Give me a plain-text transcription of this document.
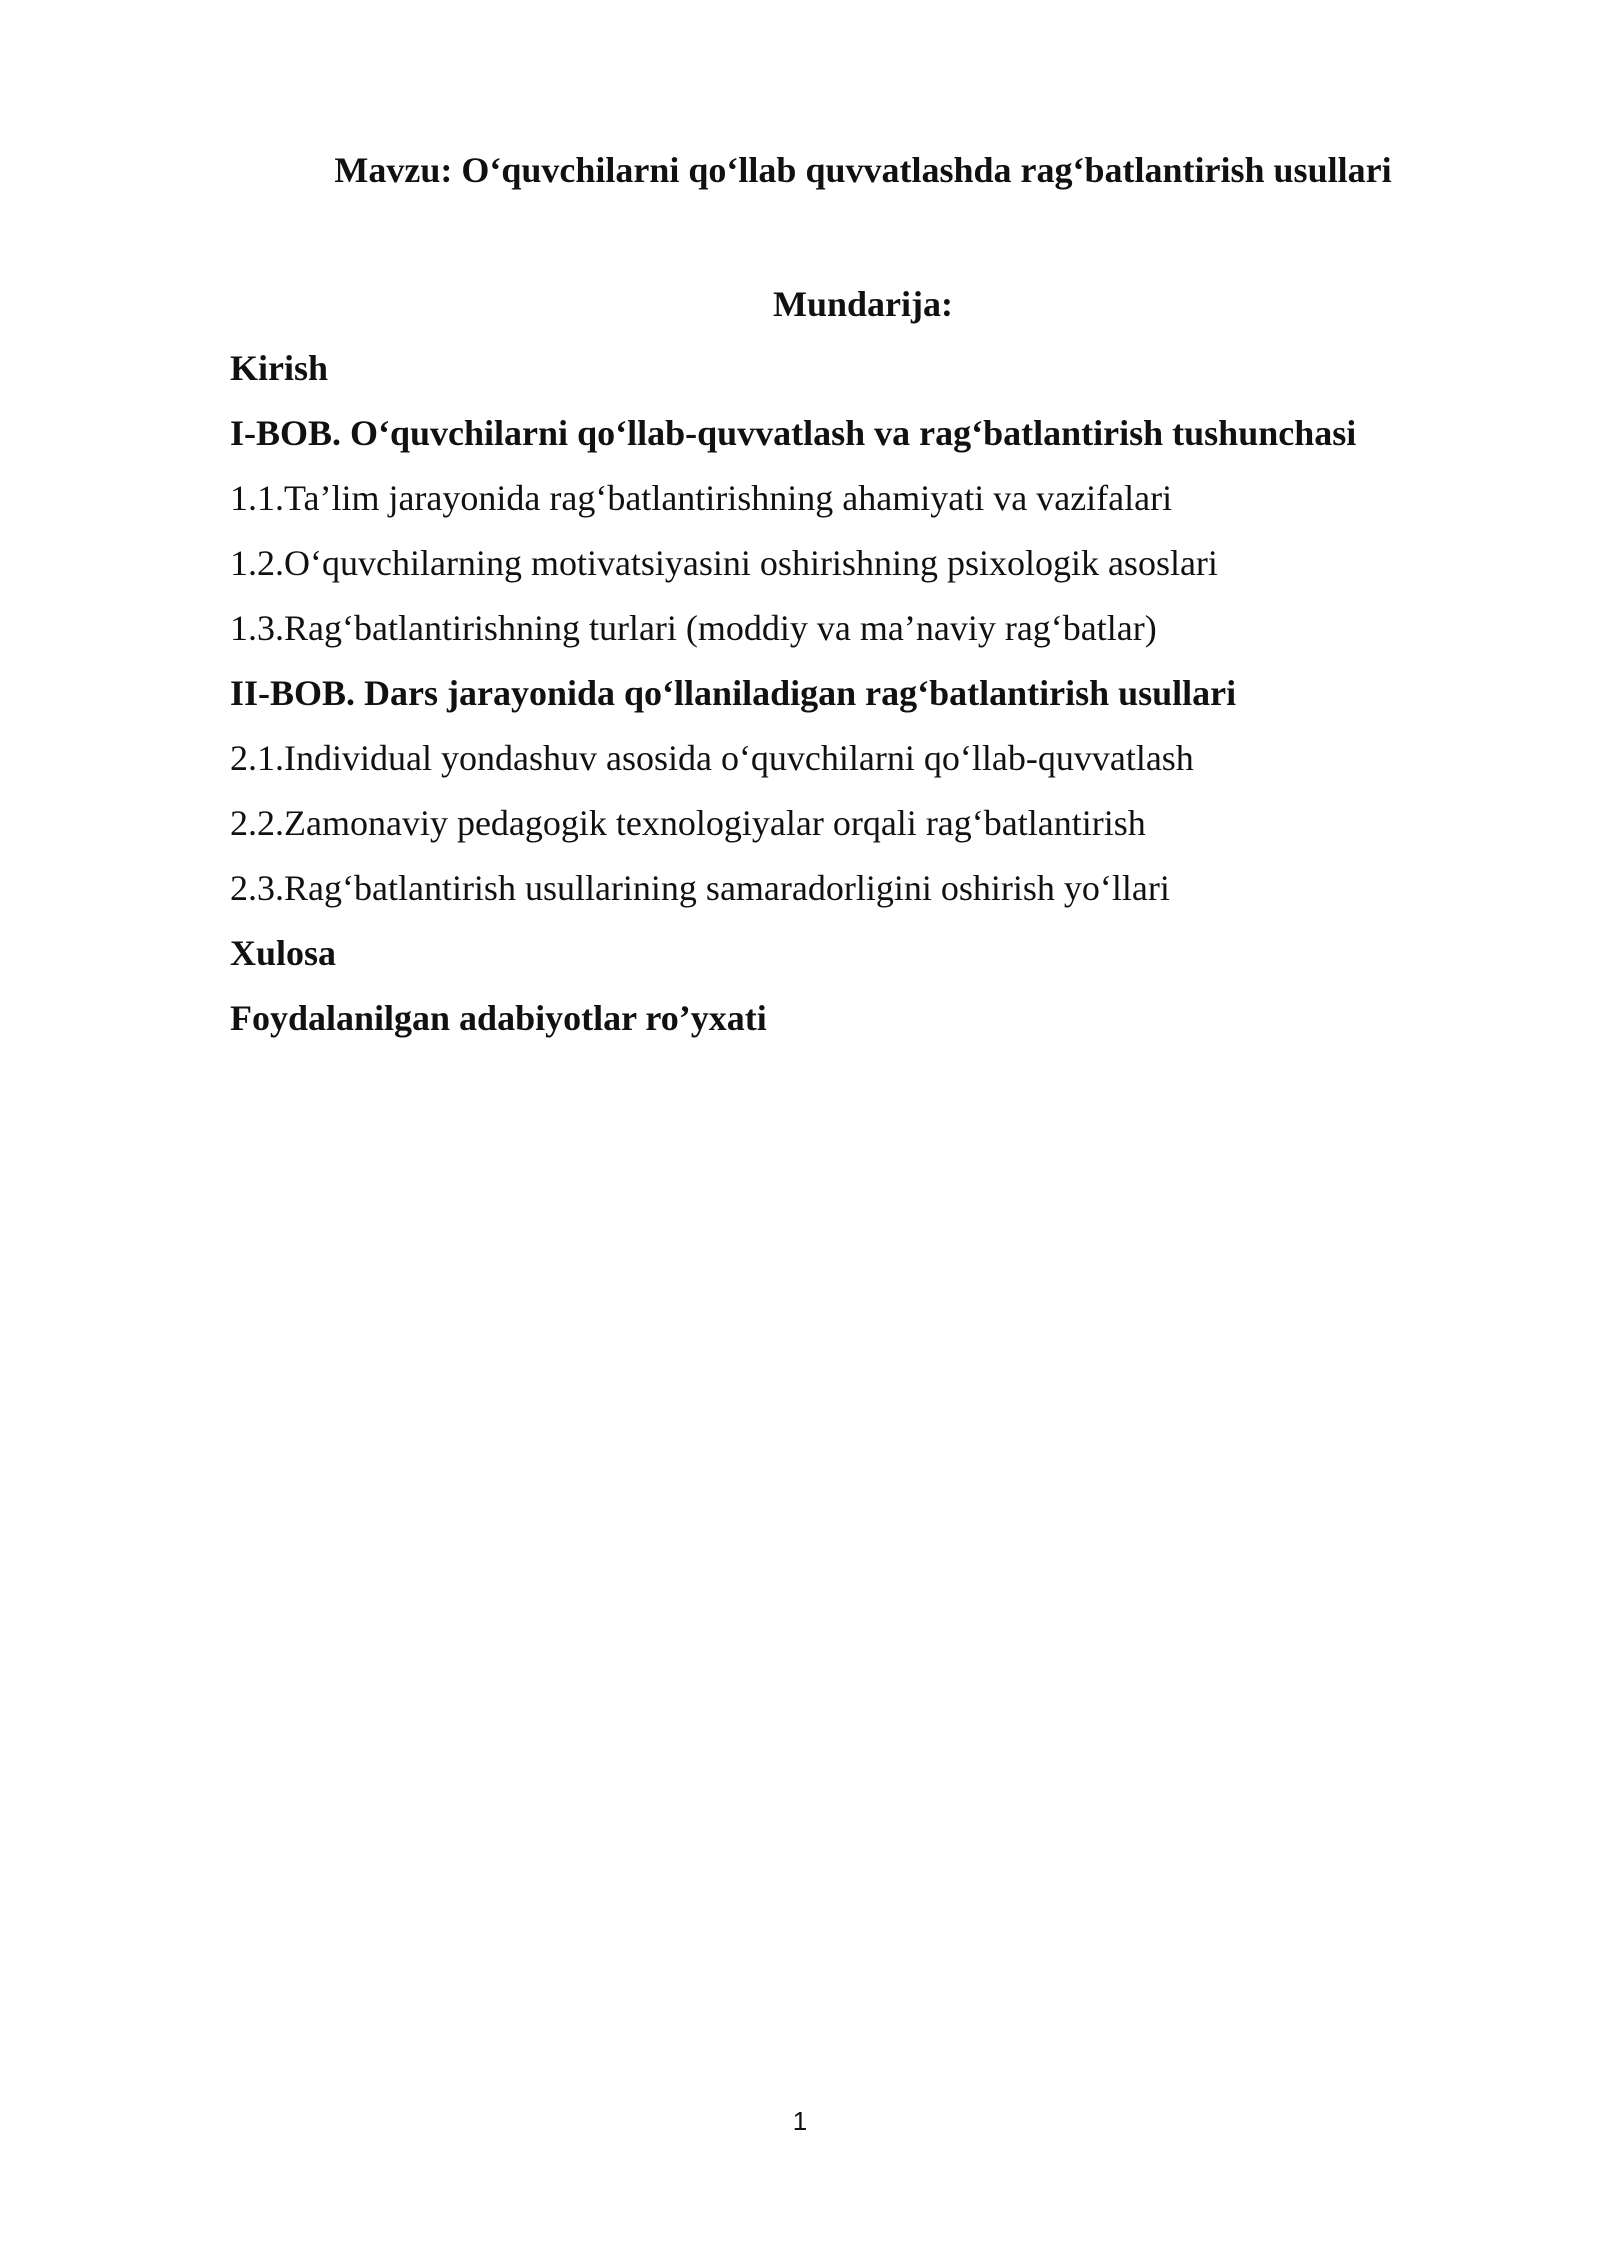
Mavzu: O‘quvchilarni qo‘llab quvvatlashda rag‘batlantirish usullari
Mundarija:
Kirish
I-BOB. O‘quvchilarni qo‘llab-quvvatlash va rag‘batlantirish tushunchasi
1.1.Ta’lim jarayonida rag‘batlantirishning ahamiyati va vazifalari
1.2.O‘quvchilarning motivatsiyasini oshirishning psixologik asoslari
1.3.Rag‘batlantirishning turlari (moddiy va ma’naviy rag‘batlar)
II-BOB. Dars jarayonida qo‘llaniladigan rag‘batlantirish usullari
2.1.Individual yondashuv asosida o‘quvchilarni qo‘llab-quvvatlash
2.2.Zamonaviy pedagogik texnologiyalar orqali rag‘batlantirish
2.3.Rag‘batlantirish usullarining samaradorligini oshirish yo‘llari
Xulosa
Foydalanilgan adabiyotlar ro’yxati
1
